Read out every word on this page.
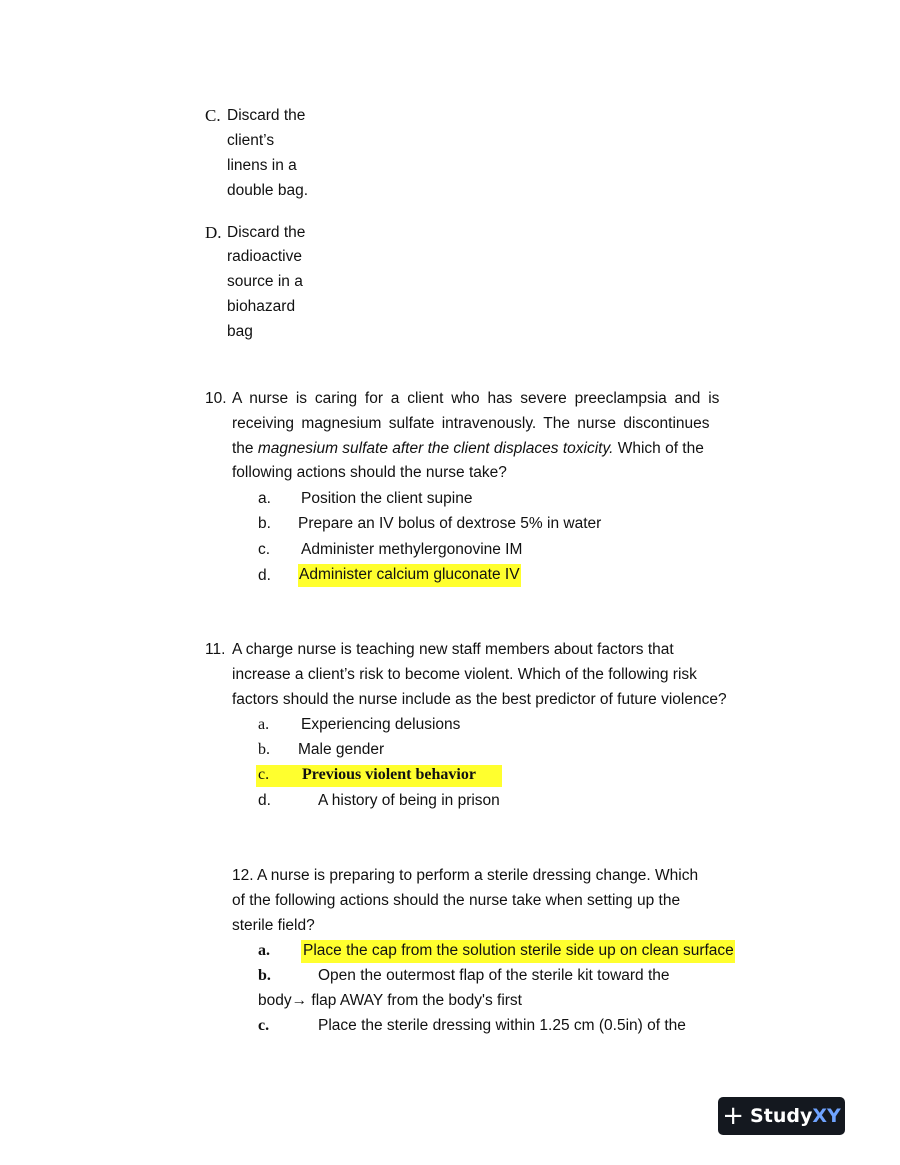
C. Discard the
client’s
linens in a
double bag.
D. Discard the
radioactive
source in a
biohazard
bag
10. A nurse is caring for a client who has severe preeclampsia and is
receiving magnesium sulfate intravenously. The nurse discontinues
the magnesium sulfate after the client displaces toxicity. Which of the
following actions should the nurse take?
a. Position the client supine
b. Prepare an IV bolus of dextrose 5% in water
c. Administer methylergonovine IM
d. Administer calcium gluconate IV
11. A charge nurse is teaching new staff members about factors that
increase a client’s risk to become violent. Which of the following risk
factors should the nurse include as the best predictor of future violence?
a. Experiencing delusions
b. Male gender
c. Previous violent behavior
d.	A history of being in prison
12. A nurse is preparing to perform a sterile dressing change. Which
of the following actions should the nurse take when setting up the
sterile field?
a. Place the cap from the solution sterile side up on clean surface
b.	Open the outermost flap of the sterile kit toward the
body→ flap AWAY from the body's first
c.	Place the sterile dressing within 1.25 cm (0.5in) of the
+ Study XY
